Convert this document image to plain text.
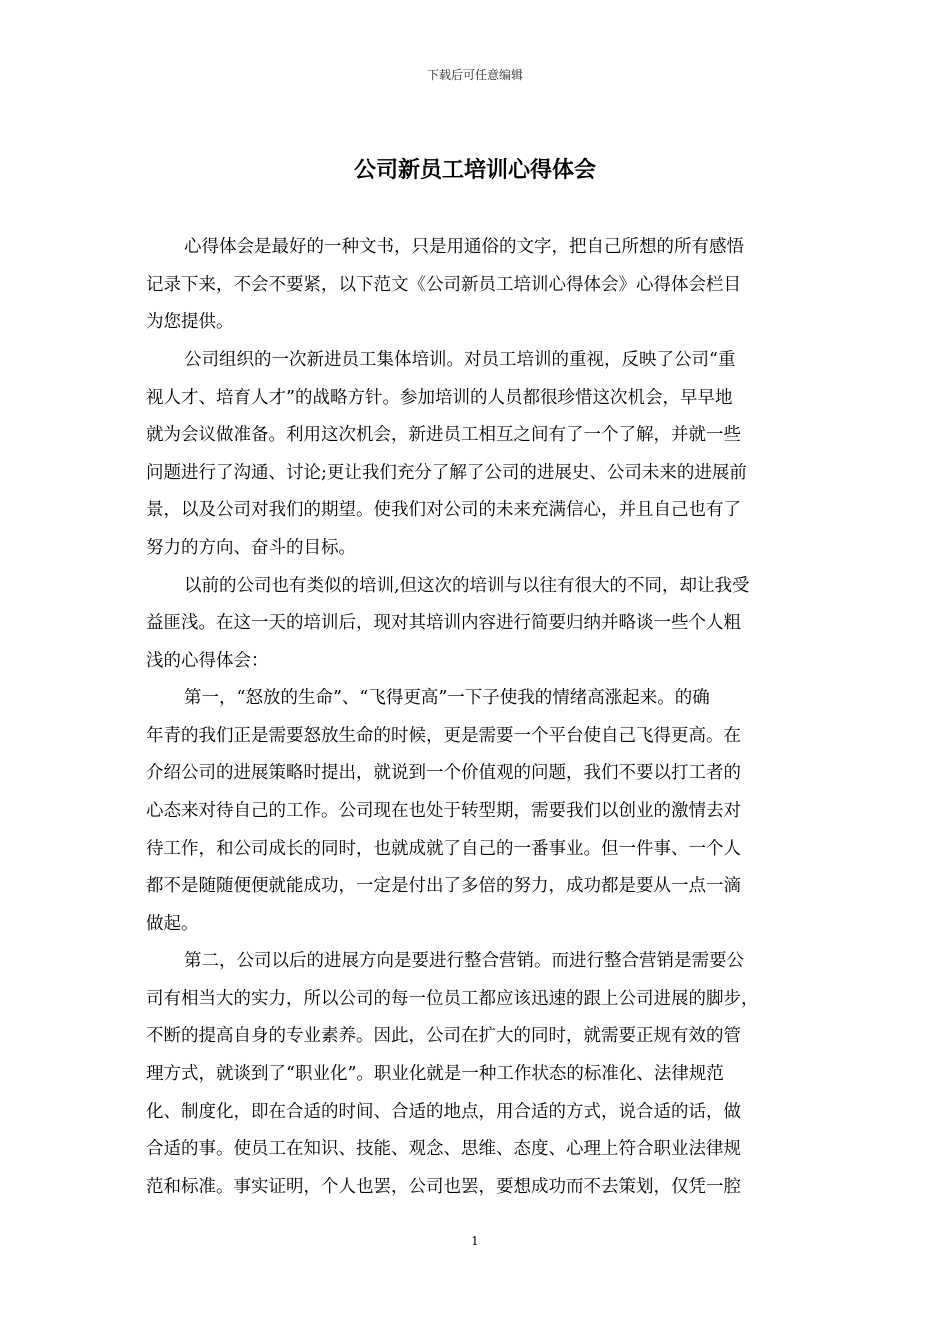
下载后可任意编辑
公司新员工培训心得体会
心得体会是最好的一种文书，只是用通俗的文字，把自己所想的所有感悟
记录下来，不会不要紧，以下范文《公司新员工培训心得体会》心得体会栏目
为您提供。
公司组织的一次新进员工集体培训。对员工培训的重视，反映了公司“重
视人才、培育人才”的战略方针。参加培训的人员都很珍惜这次机会，早早地
就为会议做准备。利用这次机会，新进员工相互之间有了一个了解，并就一些
问题进行了沟通、讨论;更让我们充分了解了公司的进展史、公司未来的进展前
景，以及公司对我们的期望。使我们对公司的未来充满信心，并且自己也有了
努力的方向、奋斗的目标。
以前的公司也有类似的培训,但这次的培训与以往有很大的不同，却让我受
益匪浅。在这一天的培训后，现对其培训内容进行简要归纳并略谈一些个人粗
浅的心得体会：
第一，“怒放的生命”、“飞得更高”一下子使我的情绪高涨起来。的确
年青的我们正是需要怒放生命的时候，更是需要一个平台使自己飞得更高。在
介绍公司的进展策略时提出，就说到一个价值观的问题，我们不要以打工者的
心态来对待自己的工作。公司现在也处于转型期，需要我们以创业的激情去对
待工作，和公司成长的同时，也就成就了自己的一番事业。但一件事、一个人
都不是随随便便就能成功，一定是付出了多倍的努力，成功都是要从一点一滴
做起。
第二，公司以后的进展方向是要进行整合营销。而进行整合营销是需要公
司有相当大的实力，所以公司的每一位员工都应该迅速的跟上公司进展的脚步，
不断的提高自身的专业素养。因此，公司在扩大的同时，就需要正规有效的管
理方式，就谈到了“职业化”。职业化就是一种工作状态的标准化、法律规范
化、制度化，即在合适的时间、合适的地点，用合适的方式，说合适的话，做
合适的事。使员工在知识、技能、观念、思维、态度、心理上符合职业法律规
范和标准。事实证明，个人也罢，公司也罢，要想成功而不去策划，仅凭一腔
1
